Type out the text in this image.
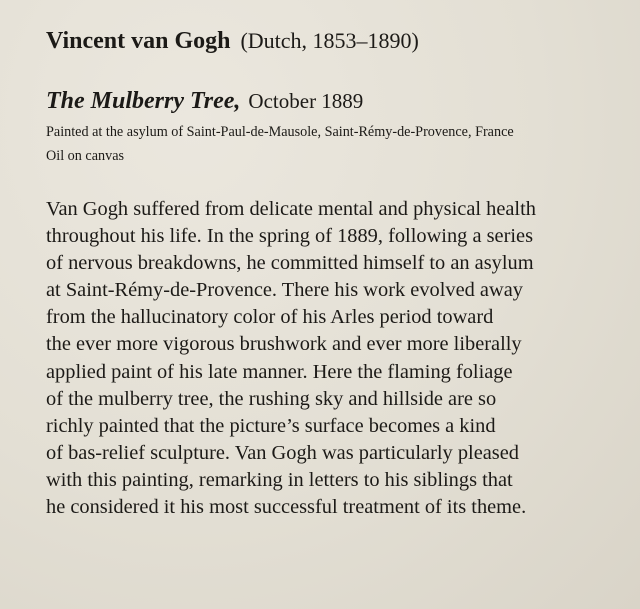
Vincent van Gogh (Dutch, 1853–1890)

The Mulberry Tree, October 1889

Painted at the asylum of Saint-Paul-de-Mausole, Saint-Rémy-de-Provence, France

Oil on canvas

Van Gogh suffered from delicate mental and physical health
throughout his life. In the spring of 1889, following a series
of nervous breakdowns, he committed himself to an asylum
at Saint-Rémy-de-Provence. There his work evolved away
from the hallucinatory color of his Arles period toward
the ever more vigorous brushwork and ever more liberally
applied paint of his late manner. Here the flaming foliage
of the mulberry tree, the rushing sky and hillside are so
richly painted that the picture’s surface becomes a kind
of bas-relief sculpture. Van Gogh was particularly pleased
with this painting, remarking in letters to his siblings that
he considered it his most successful treatment of its theme.
